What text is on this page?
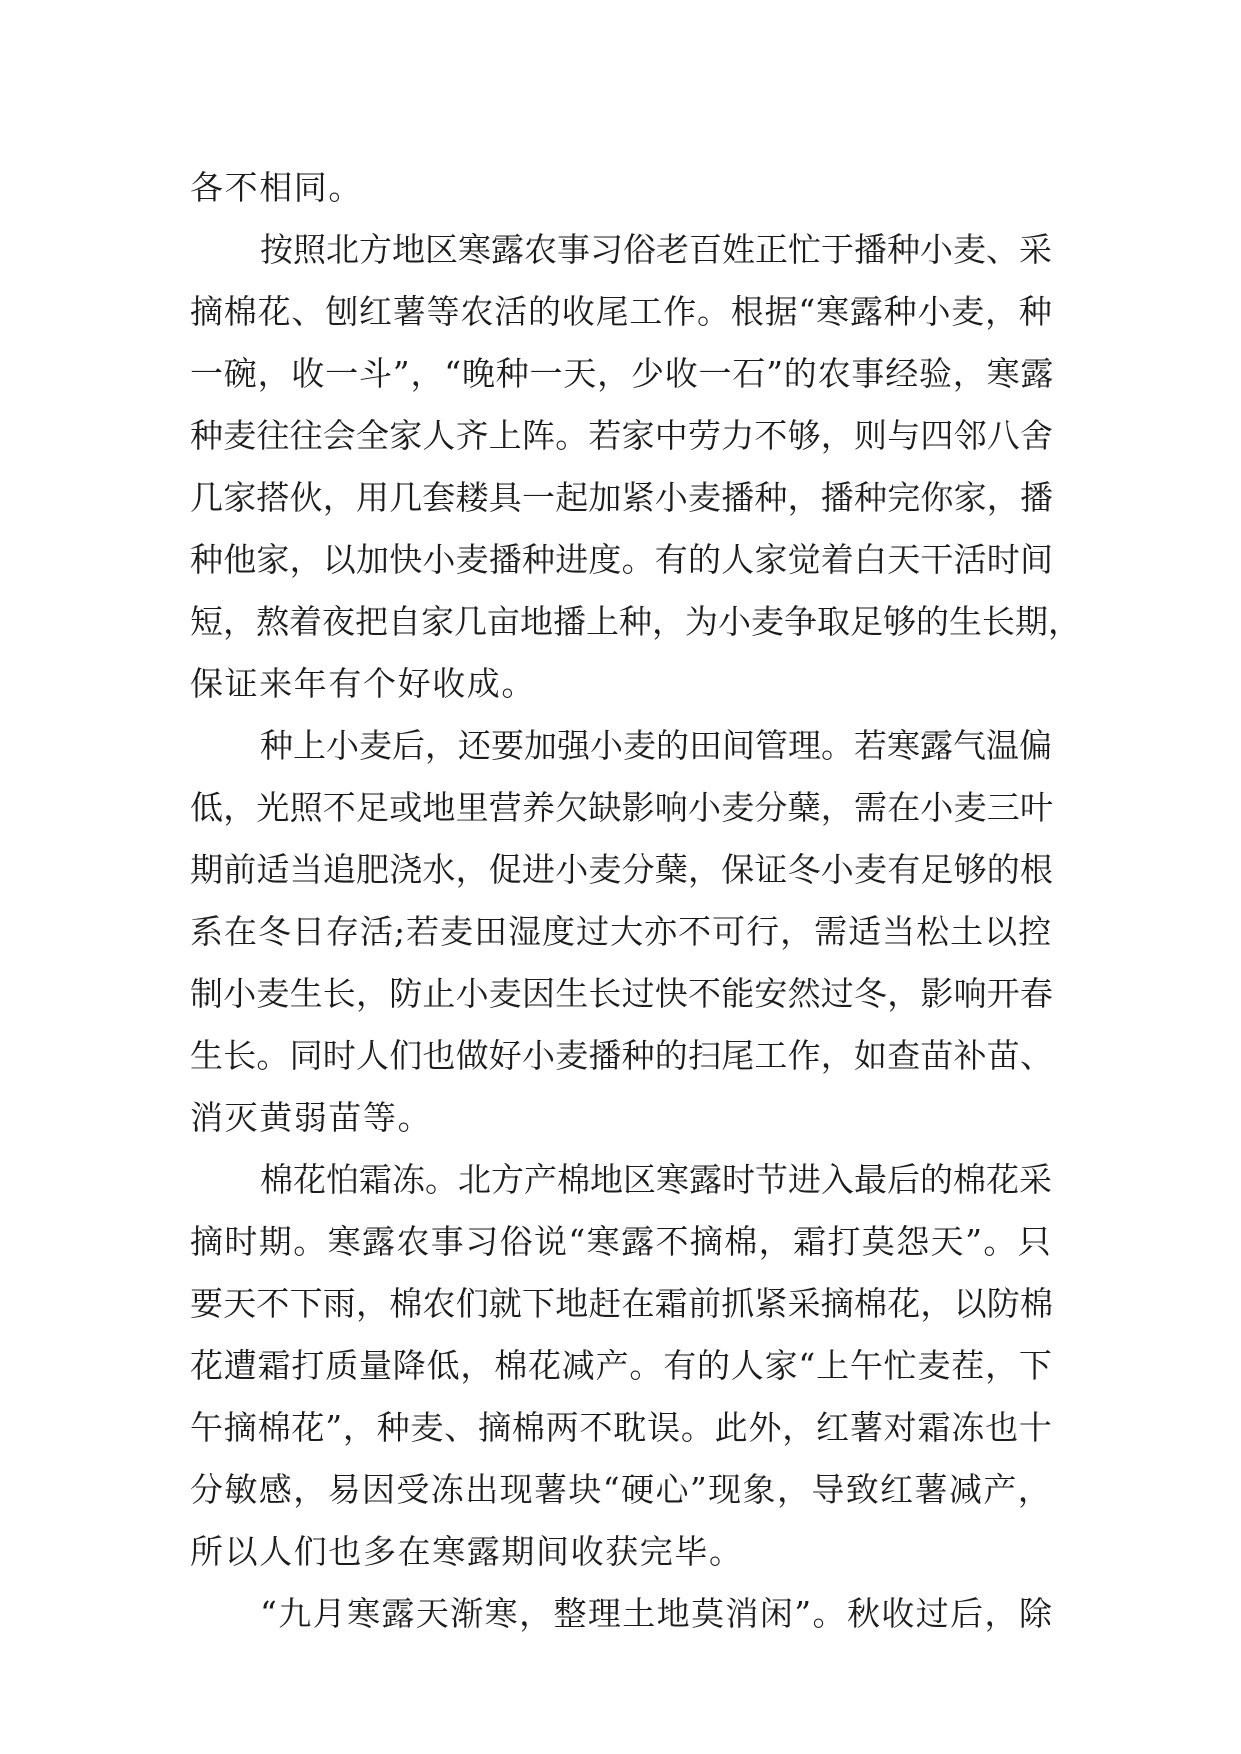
各不相同。
按照北方地区寒露农事习俗老百姓正忙于播种小麦、采
摘棉花、刨红薯等农活的收尾工作。根据“寒露种小麦，种
一碗，收一斗”，“晚种一天，少收一石”的农事经验，寒露
种麦往往会全家人齐上阵。若家中劳力不够，则与四邻八舍
几家搭伙，用几套耧具一起加紧小麦播种，播种完你家，播
种他家，以加快小麦播种进度。有的人家觉着白天干活时间
短，熬着夜把自家几亩地播上种，为小麦争取足够的生长期，
保证来年有个好收成。
种上小麦后，还要加强小麦的田间管理。若寒露气温偏
低，光照不足或地里营养欠缺影响小麦分蘖，需在小麦三叶
期前适当追肥浇水，促进小麦分蘖，保证冬小麦有足够的根
系在冬日存活;若麦田湿度过大亦不可行，需适当松土以控
制小麦生长，防止小麦因生长过快不能安然过冬，影响开春
生长。同时人们也做好小麦播种的扫尾工作，如查苗补苗、
消灭黄弱苗等。
棉花怕霜冻。北方产棉地区寒露时节进入最后的棉花采
摘时期。寒露农事习俗说“寒露不摘棉，霜打莫怨天”。只
要天不下雨，棉农们就下地赶在霜前抓紧采摘棉花，以防棉
花遭霜打质量降低，棉花减产。有的人家“上午忙麦茬，下
午摘棉花”，种麦、摘棉两不耽误。此外，红薯对霜冻也十
分敏感，易因受冻出现薯块“硬心”现象，导致红薯减产，
所以人们也多在寒露期间收获完毕。
“九月寒露天渐寒，整理土地莫消闲”。秋收过后，除
